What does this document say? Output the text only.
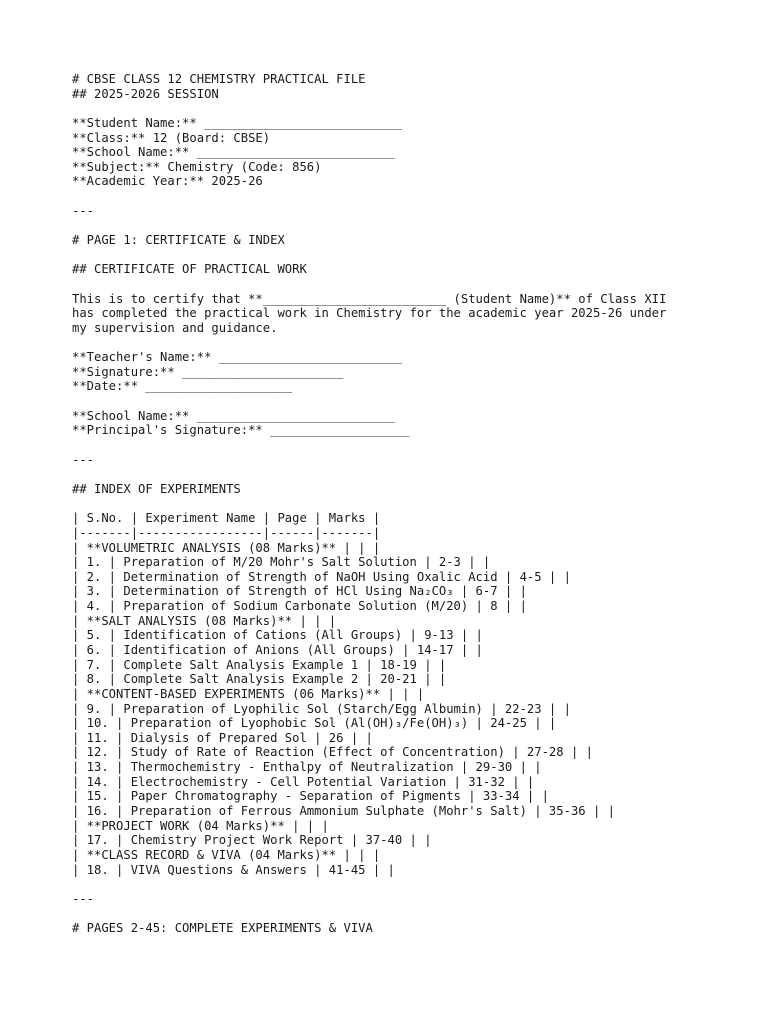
# CBSE CLASS 12 CHEMISTRY PRACTICAL FILE
## 2025-2026 SESSION
**Student Name:** ___________________________
**Class:** 12 (Board: CBSE)
**School Name:** ___________________________
**Subject:** Chemistry (Code: 856)
**Academic Year:** 2025-26
---
# PAGE 1: CERTIFICATE & INDEX
## CERTIFICATE OF PRACTICAL WORK
This is to certify that **_________________________ (Student Name)** of Class XII
has completed the practical work in Chemistry for the academic year 2025-26 under
my supervision and guidance.
**Teacher's Name:** _________________________
**Signature:** ______________________
**Date:** ____________________
**School Name:** ___________________________
**Principal's Signature:** ___________________
---
## INDEX OF EXPERIMENTS
| S.No. | Experiment Name | Page | Marks |
|-------|-----------------|------|-------|
| **VOLUMETRIC ANALYSIS (08 Marks)** | | |
| 1. | Preparation of M/20 Mohr's Salt Solution | 2-3 | |
| 2. | Determination of Strength of NaOH Using Oxalic Acid | 4-5 | |
| 3. | Determination of Strength of HCl Using Na₂CO₃ | 6-7 | |
| 4. | Preparation of Sodium Carbonate Solution (M/20) | 8 | |
| **SALT ANALYSIS (08 Marks)** | | |
| 5. | Identification of Cations (All Groups) | 9-13 | |
| 6. | Identification of Anions (All Groups) | 14-17 | |
| 7. | Complete Salt Analysis Example 1 | 18-19 | |
| 8. | Complete Salt Analysis Example 2 | 20-21 | |
| **CONTENT-BASED EXPERIMENTS (06 Marks)** | | |
| 9. | Preparation of Lyophilic Sol (Starch/Egg Albumin) | 22-23 | |
| 10. | Preparation of Lyophobic Sol (Al(OH)₃/Fe(OH)₃) | 24-25 | |
| 11. | Dialysis of Prepared Sol | 26 | |
| 12. | Study of Rate of Reaction (Effect of Concentration) | 27-28 | |
| 13. | Thermochemistry - Enthalpy of Neutralization | 29-30 | |
| 14. | Electrochemistry - Cell Potential Variation | 31-32 | |
| 15. | Paper Chromatography - Separation of Pigments | 33-34 | |
| 16. | Preparation of Ferrous Ammonium Sulphate (Mohr's Salt) | 35-36 | |
| **PROJECT WORK (04 Marks)** | | |
| 17. | Chemistry Project Work Report | 37-40 | |
| **CLASS RECORD & VIVA (04 Marks)** | | |
| 18. | VIVA Questions & Answers | 41-45 | |
---
# PAGES 2-45: COMPLETE EXPERIMENTS & VIVA
